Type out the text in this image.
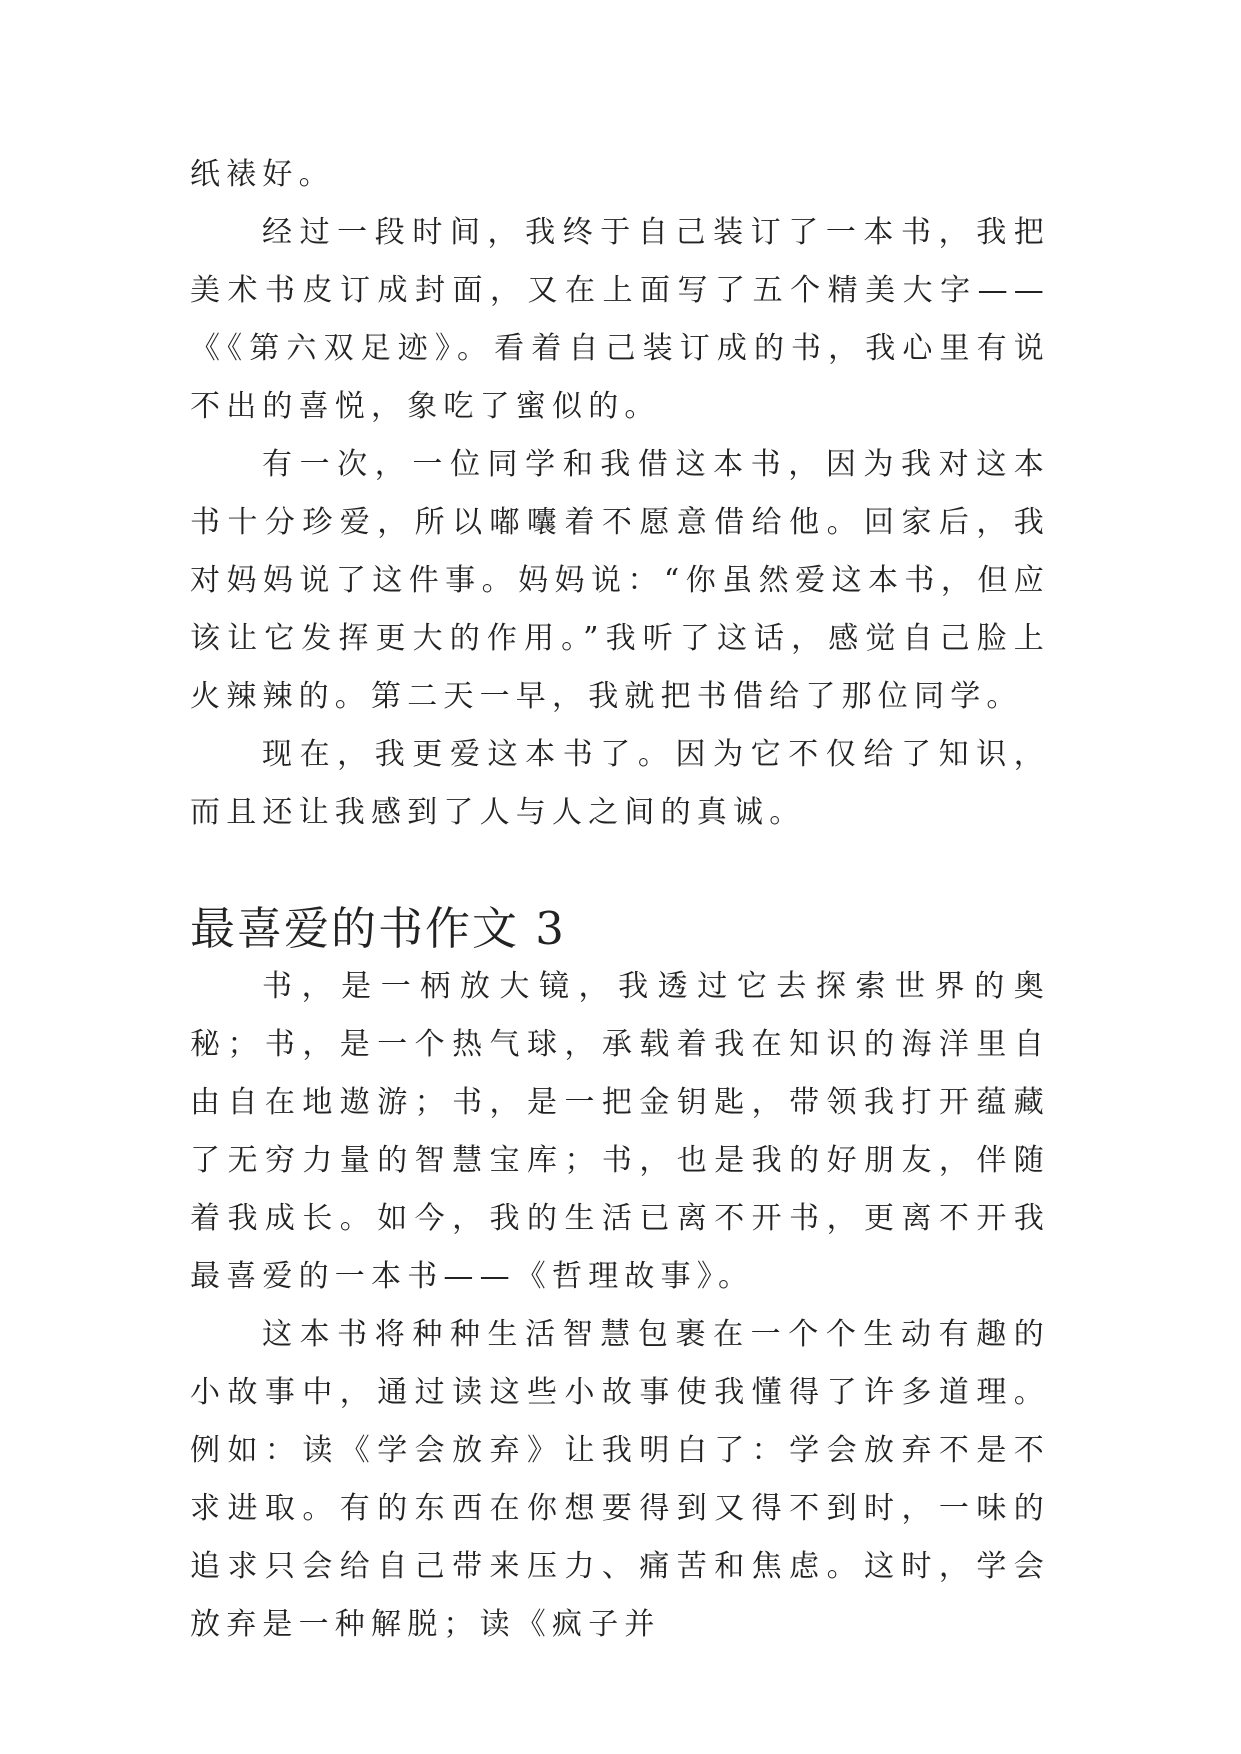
纸裱好。

经过一段时间，我终于自己装订了一本书，我把美术书皮订成封面，又在上面写了五个精美大字——《《第六双足迹》。看着自己装订成的书，我心里有说不出的喜悦，象吃了蜜似的。

有一次，一位同学和我借这本书，因为我对这本书十分珍爱，所以嘟囔着不愿意借给他。回家后，我对妈妈说了这件事。妈妈说：“你虽然爱这本书，但应该让它发挥更大的作用。”我听了这话，感觉自己脸上火辣辣的。第二天一早，我就把书借给了那位同学。

现在，我更爱这本书了。因为它不仅给了知识，而且还让我感到了人与人之间的真诚。

最喜爱的书作文 3

书，是一柄放大镜，我透过它去探索世界的奥秘；书，是一个热气球，承载着我在知识的海洋里自由自在地遨游；书，是一把金钥匙，带领我打开蕴藏了无穷力量的智慧宝库；书，也是我的好朋友，伴随着我成长。如今，我的生活已离不开书，更离不开我最喜爱的一本书——《哲理故事》。

这本书将种种生活智慧包裹在一个个生动有趣的小故事中，通过读这些小故事使我懂得了许多道理。例如：读《学会放弃》让我明白了：学会放弃不是不求进取。有的东西在你想要得到又得不到时，一味的追求只会给自己带来压力、痛苦和焦虑。这时，学会放弃是一种解脱；读《疯子并
